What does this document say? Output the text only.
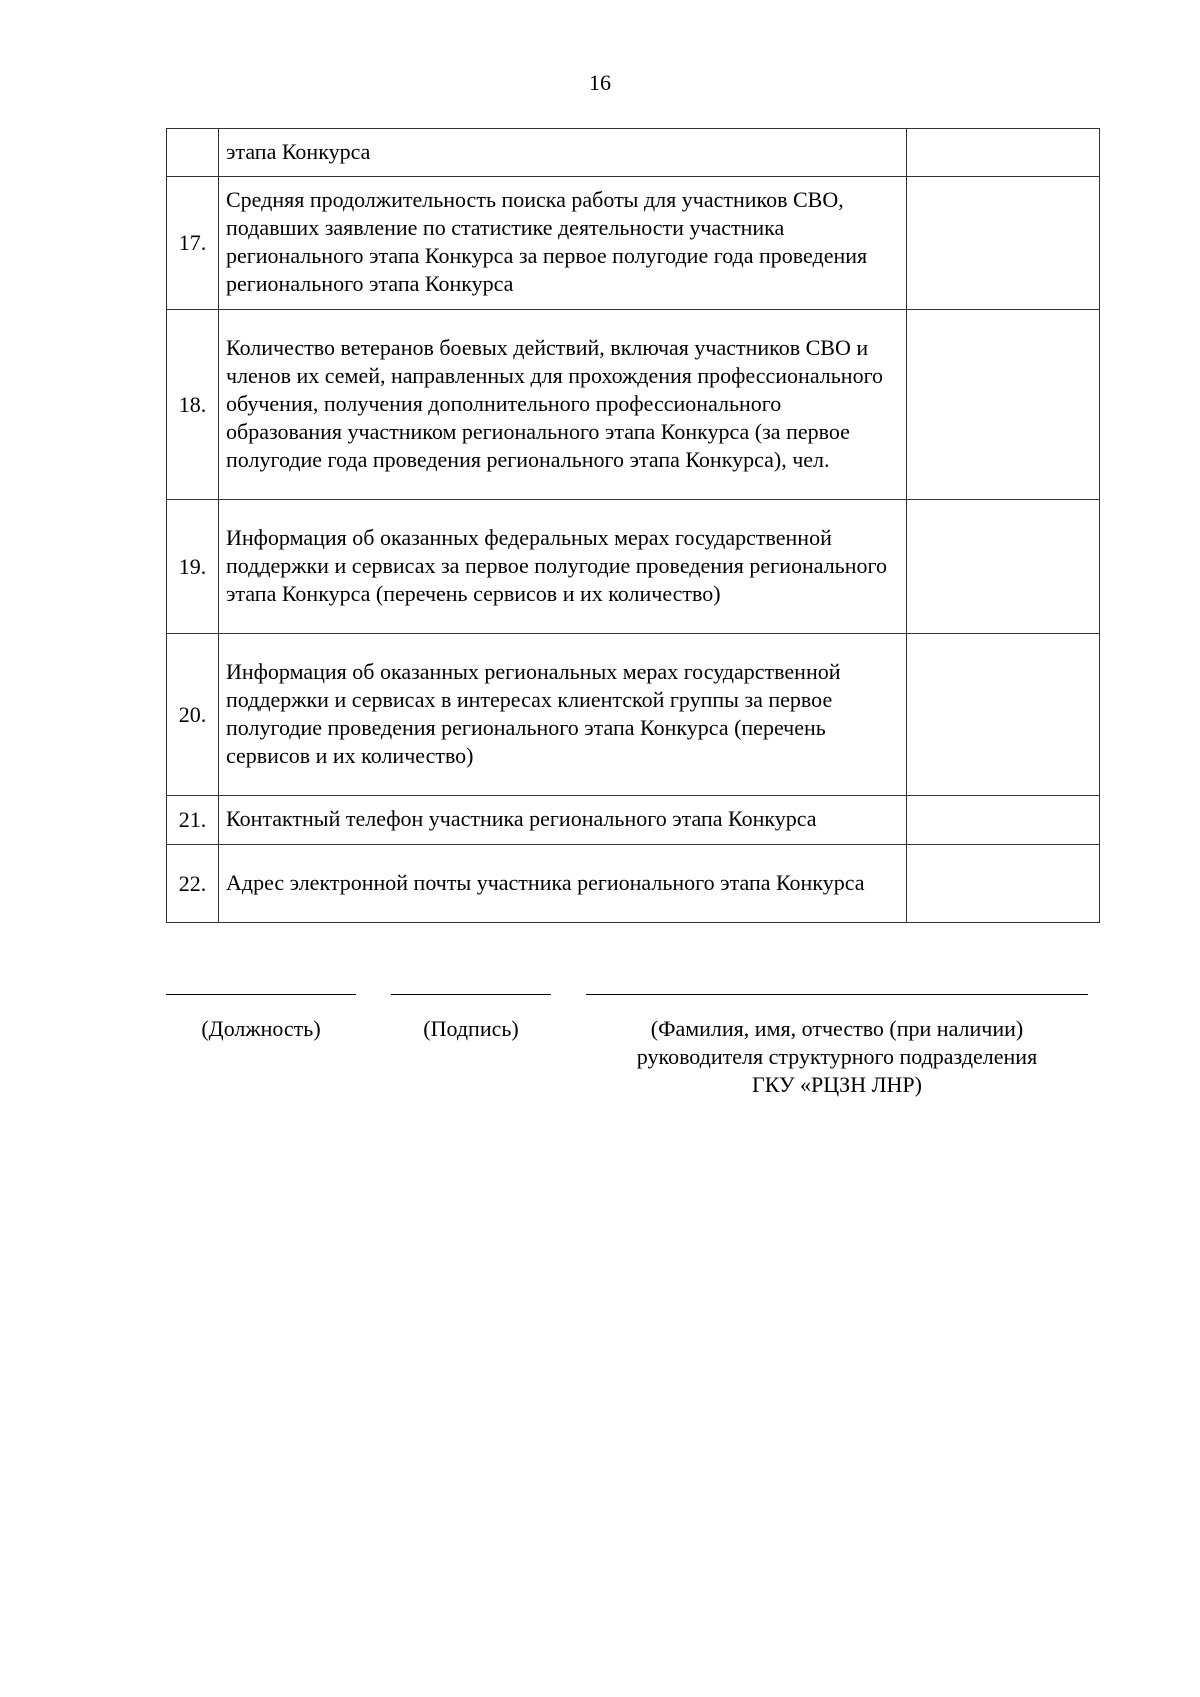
16
	этапа Конкурса	
17.	Средняя продолжительность поиска работы для участников СВО, подавших заявление по статистике деятельности участника регионального этапа Конкурса за первое полугодие года проведения регионального этапа Конкурса	
18.	Количество ветеранов боевых действий, включая участников СВО и членов их семей, направленных для прохождения профессионального обучения, получения дополнительного профессионального образования участником регионального этапа Конкурса (за первое полугодие года проведения регионального этапа Конкурса), чел.	
19.	Информация об оказанных федеральных мерах государственной поддержки и сервисах за первое полугодие проведения регионального этапа Конкурса (перечень сервисов и их количество)	
20.	Информация об оказанных региональных мерах государственной поддержки и сервисах в интересах клиентской группы за первое полугодие проведения регионального этапа Конкурса (перечень сервисов и их количество)	
21.	Контактный телефон участника регионального этапа Конкурса	
22.	Адрес электронной почты участника регионального этапа Конкурса	
(Должность)	(Подпись)	(Фамилия, имя, отчество (при наличии)
руководителя структурного подразделения
ГКУ «РЦЗН ЛНР)
